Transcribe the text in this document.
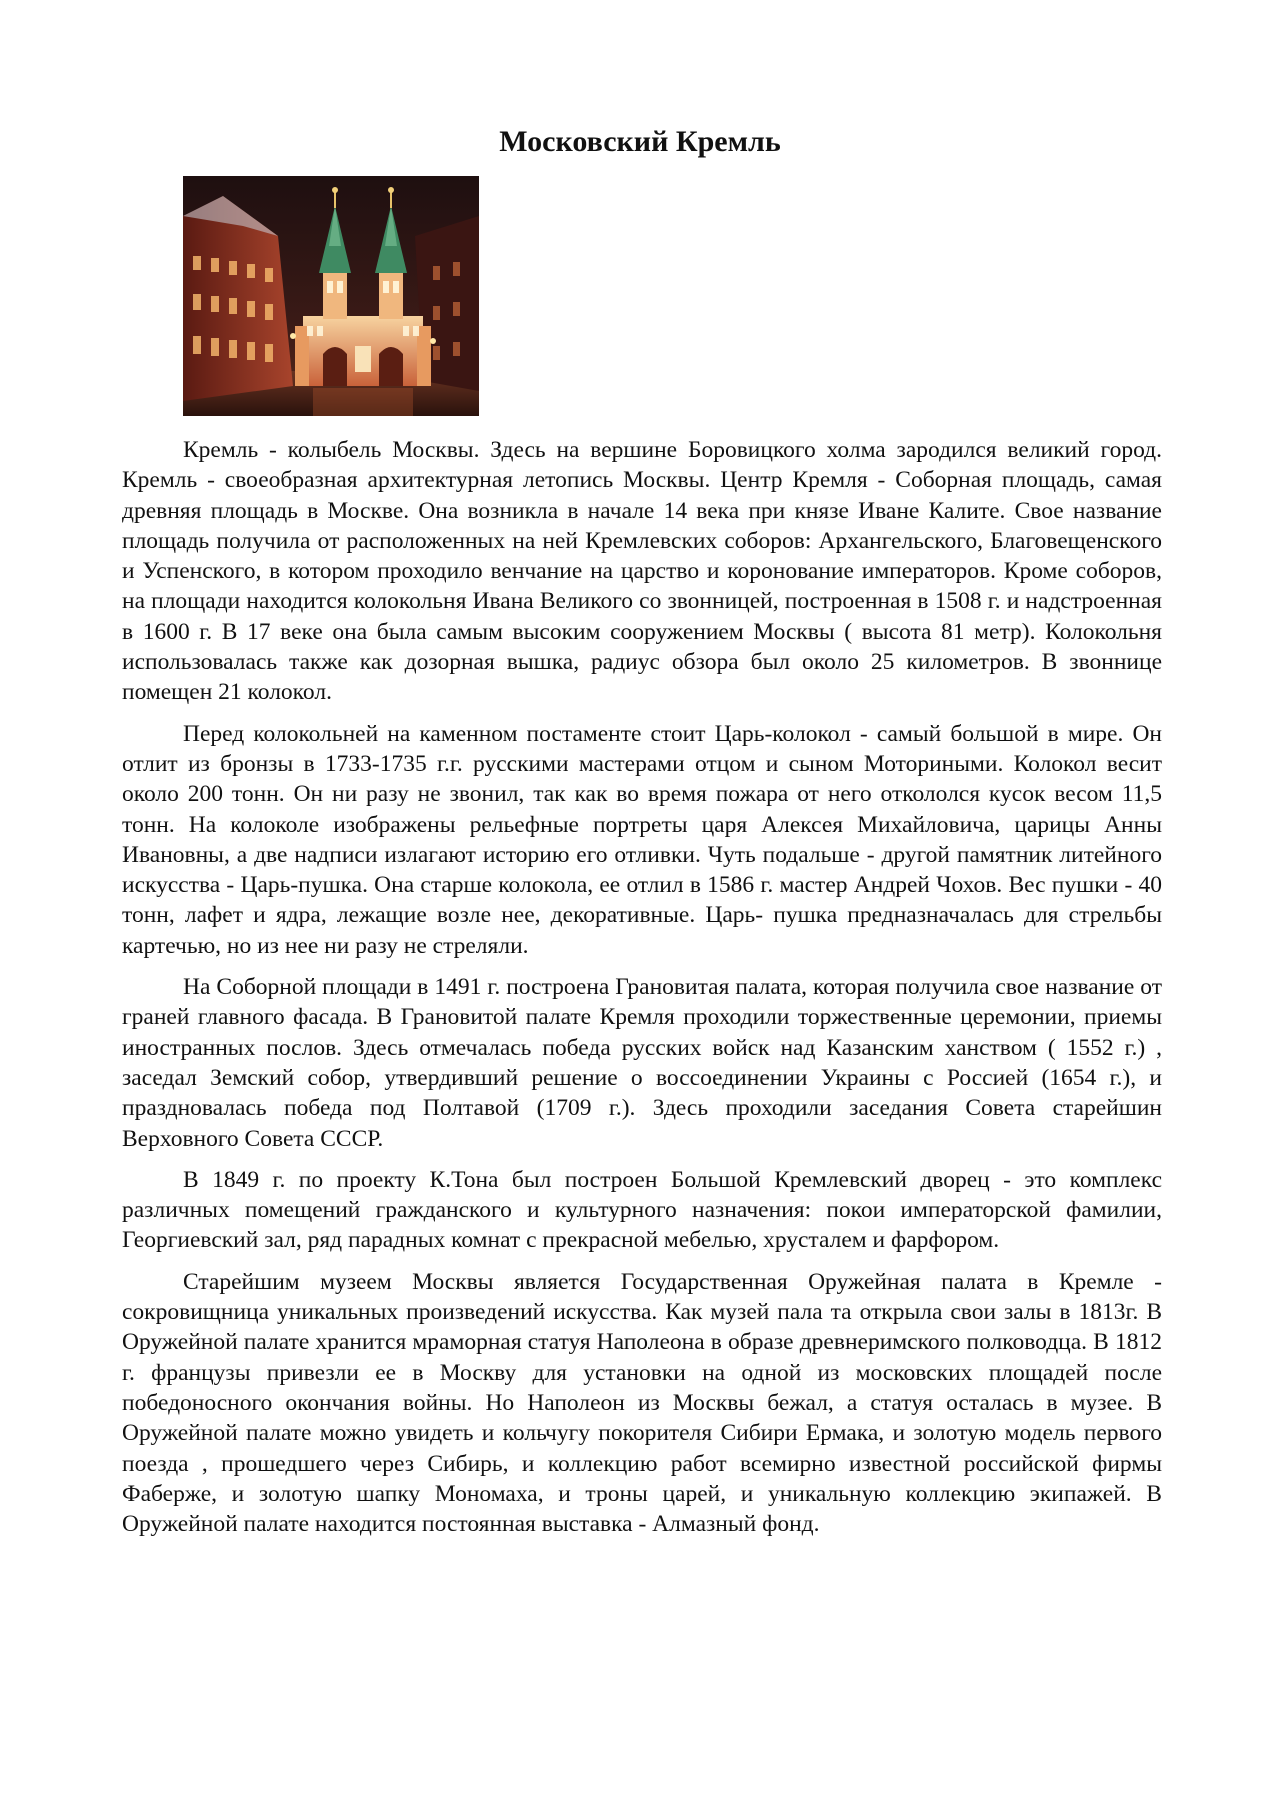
Московский Кремль

Кремль - колыбель Москвы. Здесь на вершине Боровицкого холма зародился великий город. Кремль - своеобразная архитектурная летопись Москвы. Центр Кремля - Соборная площадь, самая древняя площадь в Москве. Она возникла в начале 14 века при князе Иване Калите. Свое название площадь получила от расположенных на ней Кремлевских соборов: Архангельского, Благовещенского и Успенского, в котором проходило венчание на царство и коронование императоров. Кроме соборов, на площади находится колокольня Ивана Великого со звонницей, построенная в 1508 г. и надстроенная в 1600 г. В 17 веке она была самым высоким сооружением Москвы ( высота 81 метр). Колокольня использовалась также как дозорная вышка, радиус обзора был около 25 километров. В звоннице помещен 21 колокол.

Перед колокольней на каменном постаменте стоит Царь-колокол - самый большой в мире. Он отлит из бронзы в 1733-1735 г.г. русскими мастерами отцом и сыном Моториными. Колокол весит около 200 тонн. Он ни разу не звонил, так как во время пожара от него откололся кусок весом 11,5 тонн. На колоколе изображены рельефные портреты царя Алексея Михайловича, царицы Анны Ивановны, а две надписи излагают историю его отливки. Чуть подальше - другой памятник литейного искусства - Царь-пушка. Она старше колокола, ее отлил в 1586 г. мастер Андрей Чохов. Вес пушки - 40 тонн, лафет и ядра, лежащие возле нее, декоративные. Царь- пушка предназначалась для стрельбы картечью, но из нее ни разу не стреляли.

На Соборной площади в 1491 г. построена Грановитая палата, которая получила свое название от граней главного фасада. В Грановитой палате Кремля проходили торжественные церемонии, приемы иностранных послов. Здесь отмечалась победа русских войск над Казанским ханством ( 1552 г.) , заседал Земский собор, утвердивший решение о воссоединении Украины с Россией (1654 г.), и праздновалась победа под Полтавой (1709 г.). Здесь проходили заседания Совета старейшин Верховного Совета СССР.

В 1849 г. по проекту К.Тона был построен Большой Кремлевский дворец - это комплекс различных помещений гражданского и культурного назначения: покои императорской фамилии, Георгиевский зал, ряд парадных комнат с прекрасной мебелью, хрусталем и фарфором.

Старейшим музеем Москвы является Государственная Оружейная палата в Кремле - сокровищница уникальных произведений искусства. Как музей пала та открыла свои залы в 1813г. В Оружейной палате хранится мраморная статуя Наполеона в образе древнеримского полководца. В 1812 г. французы привезли ее в Москву для установки на одной из московских площадей после победоносного окончания войны. Но Наполеон из Москвы бежал, а статуя осталась в музее. В Оружейной палате можно увидеть и кольчугу покорителя Сибири Ермака, и золотую модель первого поезда , прошедшего через Сибирь, и коллекцию работ всемирно известной российской фирмы Фаберже, и золотую шапку Мономаха, и троны царей, и уникальную коллекцию экипажей. В Оружейной палате находится постоянная выставка - Алмазный фонд.
